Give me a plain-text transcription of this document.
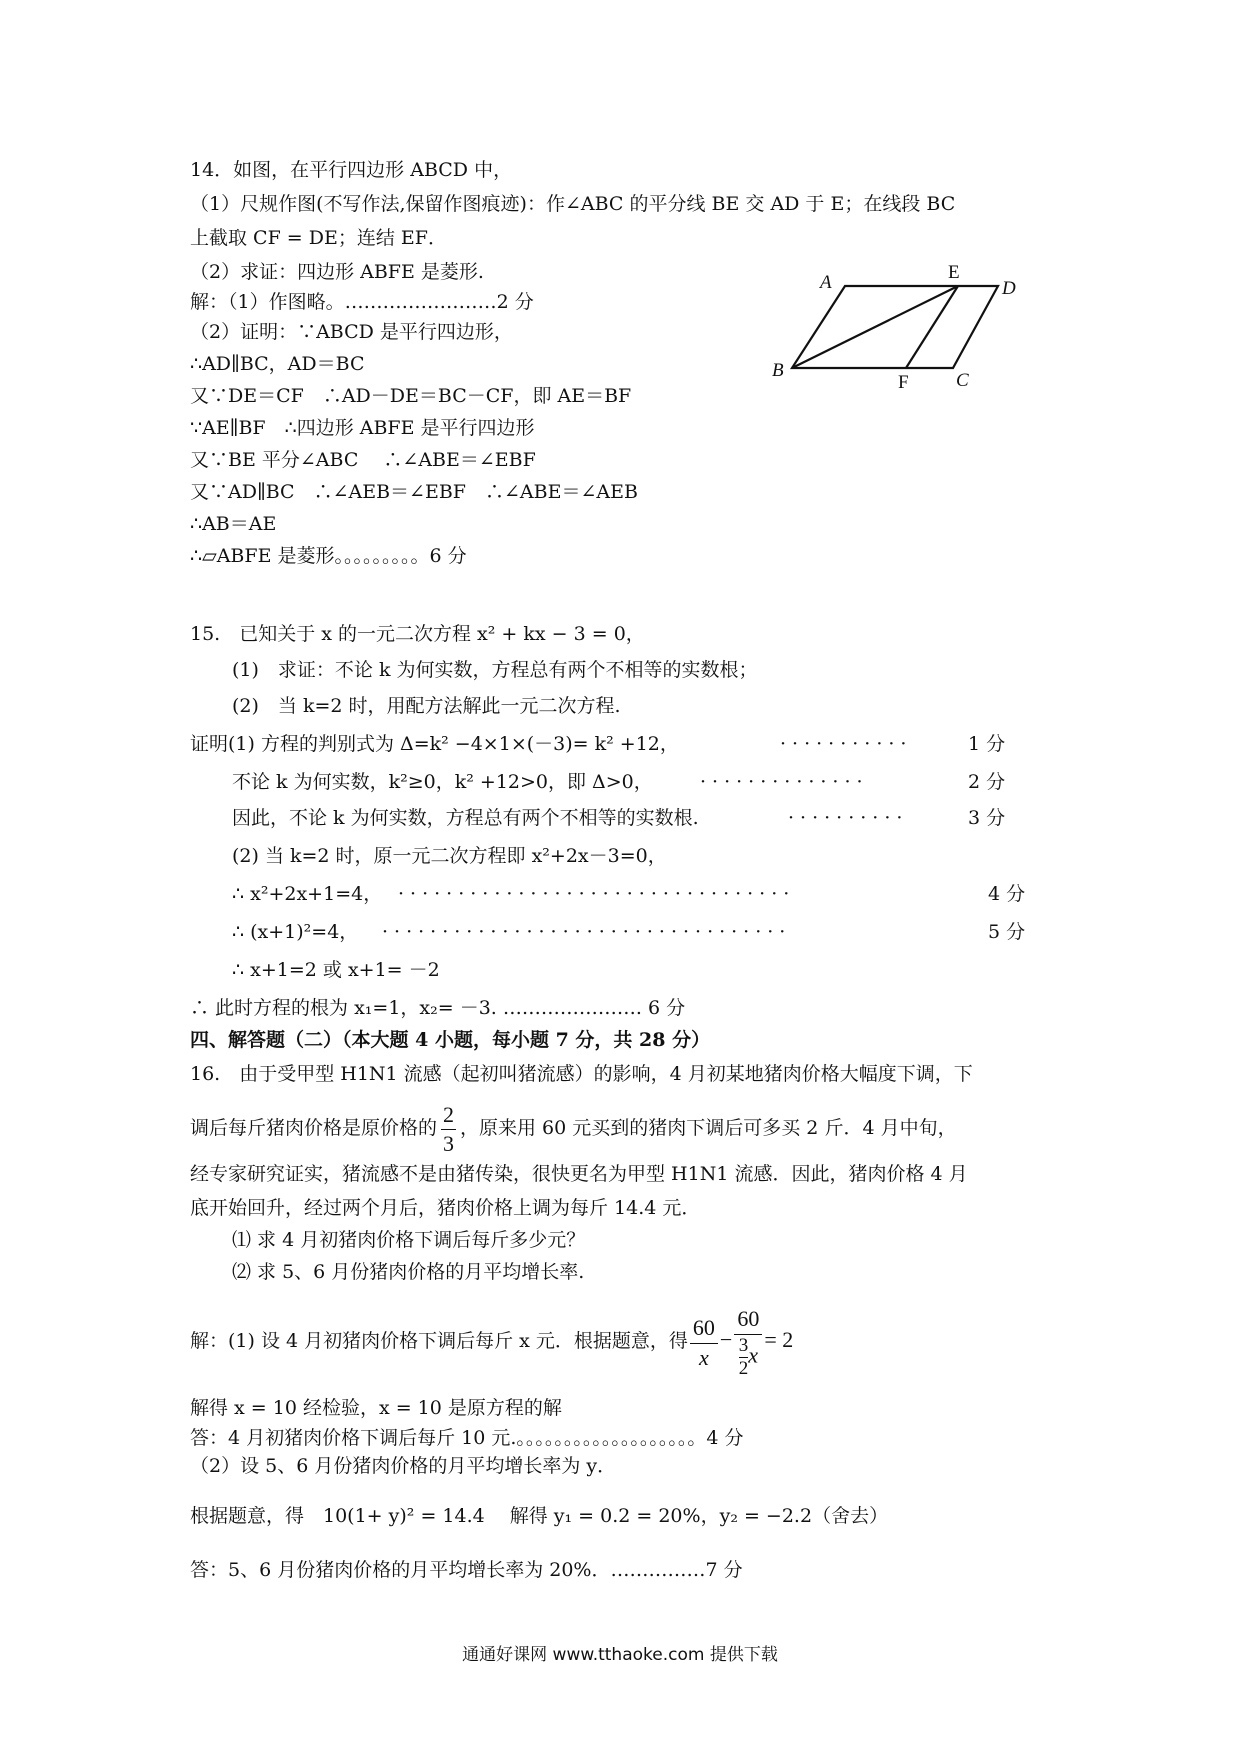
14．如图，在平行四边形 ABCD 中，
（1）尺规作图(不写作法,保留作图痕迹)：作∠ABC 的平分线 BE 交 AD 于 E；在线段 BC
上截取 CF = DE；连结 EF．
（2）求证：四边形 ABFE 是菱形.
解：（1）作图略。……………………2 分
（2）证明：∵ABCD 是平行四边形，
∴AD∥BC，AD＝BC
又∵DE＝CF　∴AD－DE＝BC－CF，即 AE＝BF
∵AE∥BF　∴四边形 ABFE 是平行四边形
又∵BE 平分∠ABC　 ∴∠ABE＝∠EBF
又∵AD∥BC　∴∠AEB＝∠EBF　∴∠ABE＝∠AEB
∴AB＝AE
∴▱ABFE 是菱形。。。。。。。。。6 分
A	E
D
B
F C
15.　已知关于 x 的一元二次方程 x² + kx − 3 = 0，
(1)　求证：不论 k 为何实数，方程总有两个不相等的实数根；
(2)　当 k=2 时，用配方法解此一元二次方程.
证明(1) 方程的判别式为 Δ=k² −4×1×(－3)= k² +12，	···········	1 分
不论 k 为何实数，k²≥0，k² +12>0，即 Δ>0， ··············	2 分
因此，不论 k 为何实数，方程总有两个不相等的实数根.	··········	3 分
(2) 当 k=2 时，原一元二次方程即 x²+2x－3=0，
∴ x²+2x+1=4， ·································	4 分
∴ (x+1)²=4， ··································	5 分
∴ x+1=2 或 x+1= －2
∴ 此时方程的根为 x₁=1，x₂= －3. …………………. 6 分
四、解答题（二）（本大题 4 小题，每小题 7 分，共 28 分）
16.　由于受甲型 H1N1 流感（起初叫猪流感）的影响，4 月初某地猪肉价格大幅度下调，下
调后每斤猪肉价格是原价格的 $\frac{2}{3}$ ，原来用 60 元买到的猪肉下调后可多买 2 斤．4 月中旬，
经专家研究证实，猪流感不是由猪传染，很快更名为甲型 H1N1 流感．因此，猪肉价格 4 月
底开始回升，经过两个月后，猪肉价格上调为每斤 14.4 元．
⑴ 求 4 月初猪肉价格下调后每斤多少元？
⑵ 求 5、6 月份猪肉价格的月平均增长率.
解：(1) 设 4 月初猪肉价格下调后每斤 x 元．根据题意，得 $\frac{60}{x} - \frac{60}{\frac{3}{2} x} = 2$
解得 x = 10 经检验，x = 10 是原方程的解
答：4 月初猪肉价格下调后每斤 10 元.。。。。。。。。。。。。。。。。。。。4 分
（2）设 5、6 月份猪肉价格的月平均增长率为 y．
根据题意，得　10(1+ y)² = 14.4　 解得 y₁ = 0.2 = 20%，y₂ = −2.2（舍去）
答：5、6 月份猪肉价格的月平均增长率为 20%．……………7 分
通通好课网 www.tthaoke.com 提供下载
